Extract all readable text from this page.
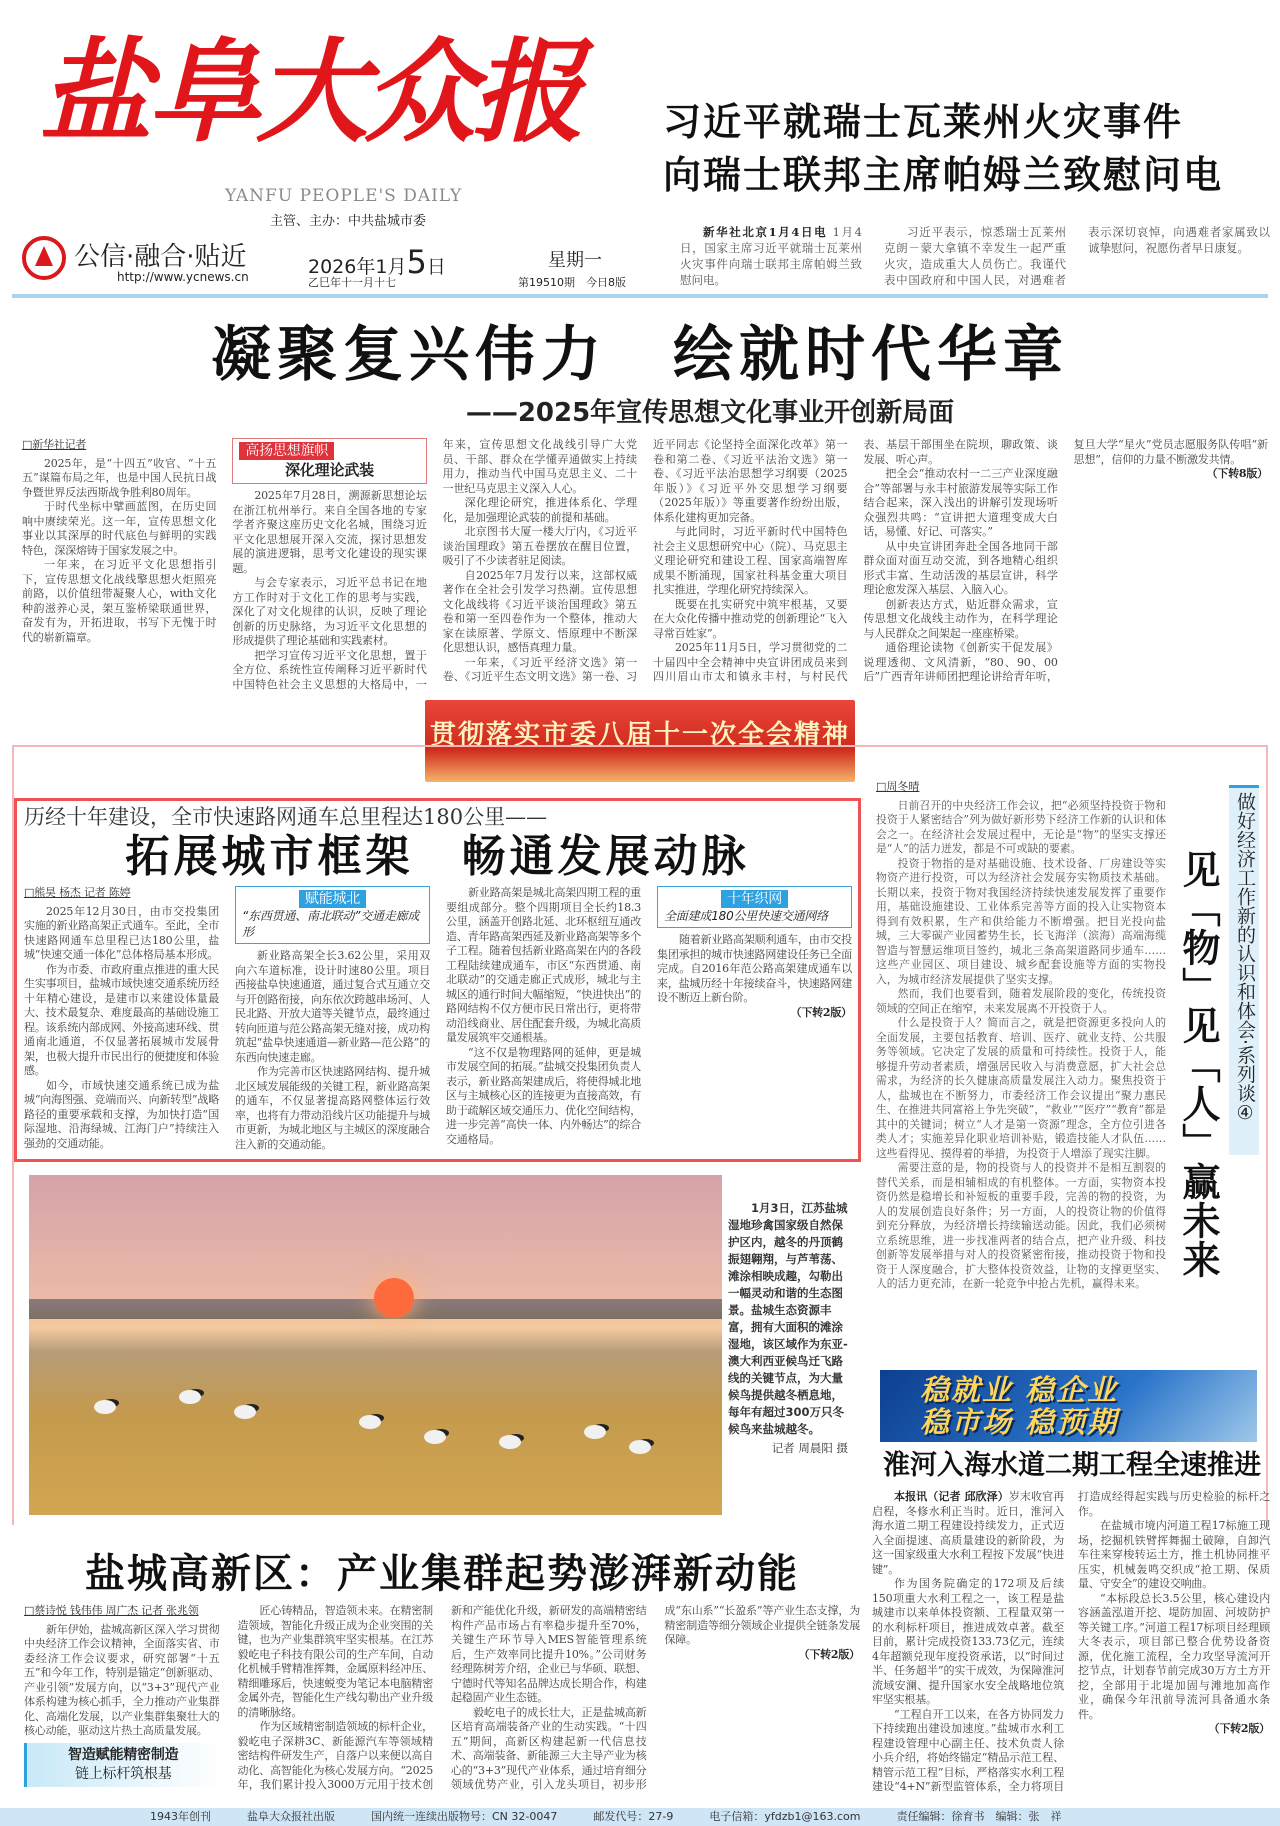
盐阜大众报
YANFU PEOPLE'S DAILY
主管、主办：中共盐城市委
公信·融合·贴近
http://www.ycnews.cn	2026年1月5日
乙巳年十一月十七
星期一
第19510期　今日8版
习近平就瑞士瓦莱州火灾事件
向瑞士联邦主席帕姆兰致慰问电

新华社北京1月4日电 1月4日，国家主席习近平就瑞士瓦莱州火灾事件向瑞士联邦主席帕姆兰致慰问电。

习近平表示，惊悉瑞士瓦莱州克朗－蒙大拿镇不幸发生一起严重火灾，造成重大人员伤亡。我谨代表中国政府和中国人民，对遇难者表示深切哀悼，向遇难者家属致以诚挚慰问，祝愿伤者早日康复。

凝聚复兴伟力　绘就时代华章
——2025年宣传思想文化事业开创新局面
□新华社记者

2025年，是“十四五”收官、“十五五”谋篇布局之年，也是中国人民抗日战争暨世界反法西斯战争胜利80周年。

于时代坐标中擘画蓝图，在历史回响中赓续荣光。这一年，宣传思想文化事业以其深厚的时代底色与鲜明的实践特色，深深熔铸于国家发展之中。

一年来，在习近平文化思想指引下，宣传思想文化战线擎思想火炬照亮前路，以价值纽带凝聚人心，with文化种韵滋养心灵，架互鉴桥梁联通世界，奋发有为，开拓进取，书写下无愧于时代的崭新篇章。

高扬思想旗帜
深化理论武装

2025年7月28日，溯源新思想论坛在浙江杭州举行。来自全国各地的专家学者齐聚这座历史文化名城，围绕习近平文化思想展开深入交流，探讨思想发展的演进逻辑，思考文化建设的现实课题。

与会专家表示，习近平总书记在地方工作时对于文化工作的思考与实践，深化了对文化规律的认识，反映了理论创新的历史脉络，为习近平文化思想的形成提供了理论基础和实践素材。

把学习宣传习近平文化思想，置于全方位、系统性宣传阐释习近平新时代中国特色社会主义思想的大格局中，一年来，宣传思想文化战线引导广大党员、干部、群众在学懂弄通做实上持续用力，推动当代中国马克思主义、二十一世纪马克思主义深入人心。

深化理论研究，推进体系化、学理化，是加强理论武装的前提和基础。

北京图书大厦一楼大厅内，《习近平谈治国理政》第五卷摆放在醒目位置，吸引了不少读者驻足阅读。

自2025年7月发行以来，这部权威著作在全社会引发学习热潮。宣传思想文化战线将《习近平谈治国理政》第五卷和第一至四卷作为一个整体，推动大家在读原著、学原文、悟原理中不断深化思想认识，感悟真理力量。

一年来，《习近平经济文选》第一卷、《习近平生态文明文选》第一卷、习近平同志《论坚持全面深化改革》第一卷和第二卷、《习近平法治文选》第一卷、《习近平法治思想学习纲要（2025年版）》《习近平外交思想学习纲要（2025年版）》等重要著作纷纷出版，体系化建构更加完备。

与此同时，习近平新时代中国特色社会主义思想研究中心（院）、马克思主义理论研究和建设工程、国家高端智库成果不断涌现，国家社科基金重大项目扎实推进，学理化研究持续深入。

既要在扎实研究中筑牢根基，又要在大众化传播中推动党的创新理论“飞入寻常百姓家”。

2025年11月5日，学习贯彻党的二十届四中全会精神中央宣讲团成员来到四川眉山市太和镇永丰村，与村民代表、基层干部围坐在院坝，聊政策、谈发展、听心声。

把全会“推动农村一二三产业深度融合”等部署与永丰村旅游发展等实际工作结合起来，深入浅出的讲解引发现场听众强烈共鸣：“宣讲把大道理变成大白话，易懂、好记、可落实。”

从中央宣讲团奔赴全国各地同干部群众面对面互动交流，到各地精心组织形式丰富、生动活泼的基层宣讲，科学理论愈发深入基层、入脑入心。

创新表达方式，贴近群众需求，宣传思想文化战线主动作为，在科学理论与人民群众之间架起一座座桥梁。

通俗理论读物《创新实干促发展》说理透彻、文风清新，“80、90、00后”广西青年讲师团把理论讲给青年听，复旦大学“星火”党员志愿服务队传唱“新思想”，信仰的力量不断激发共情。

（下转8版）

贯彻落实市委八届十一次全会精神
历经十年建设，全市快速路网通车总里程达180公里——
拓展城市框架　畅通发展动脉
□熊昊 杨杰 记者 陈婷

2025年12月30日，由市交投集团实施的新业路高架正式通车。至此，全市快速路网通车总里程已达180公里，盐城“快速交通一体化”总体格局基本形成。

作为市委、市政府重点推进的重大民生实事项目，盐城市域快速交通系统历经十年精心建设，是建市以来建设体量最大、技术最复杂、难度最高的基础设施工程。该系统内部成网、外接高速环线、贯通南北通道，不仅显著拓展城市发展骨架，也极大提升市民出行的便捷度和体验感。

如今，市域快速交通系统已成为盐城“向海图强、竞端而兴、向新转型”战略路径的重要承载和支撑，为加快打造“国际湿地、沿海绿城、江海门户”持续注入强劲的交通动能。

赋能城北
“东西贯通、南北联动”交通走廊成形

新业路高架全长3.62公里，采用双向六车道标准，设计时速80公里。项目西接盐阜快速通道，通过复合式互通立交与开创路衔接，向东依次跨越串场河、人民北路、开放大道等关键节点，最终通过转向匝道与范公路高架无缝对接，成功构筑起“盐阜快速通道—新业路—范公路”的东西向快速走廊。

作为完善市区快速路网结构、提升城北区域发展能级的关键工程，新业路高架的通车，不仅显著提高路网整体运行效率，也将有力带动沿线片区功能提升与城市更新，为城北地区与主城区的深度融合注入新的交通动能。

新业路高架是城北高架四期工程的重要组成部分。整个四期项目全长约18.3公里，涵盖开创路北延、北环枢纽互通改造、青年路高架西延及新业路高架等多个子工程。随着包括新业路高架在内的各段工程陆续建成通车，市区“东西贯通、南北联动”的交通走廊正式成形，城北与主城区的通行时间大幅缩短，“快进快出”的路网结构不仅方便市民日常出行，更将带动沿线商业、居住配套升级，为城北高质量发展筑牢交通根基。

“这不仅是物理路网的延伸，更是城市发展空间的拓展。”盐城交投集团负责人表示，新业路高架建成后，将使得城北地区与主城核心区的连接更为直接高效，有助于疏解区域交通压力、优化空间结构，进一步完善“高快一体、内外畅达”的综合交通格局。

十年织网
全面建成180公里快速交通网络

随着新业路高架顺利通车，由市交投集团承担的城市快速路网建设任务已全面完成。自2016年范公路高架建成通车以来，盐城历经十年接续奋斗，快速路网建设不断迈上新台阶。

（下转2版）	做好经济工作新的认识和体会·系列谈④
见「物」见「人」赢未来
□周冬晴

日前召开的中央经济工作会议，把“必须坚持投资于物和投资于人紧密结合”列为做好新形势下经济工作新的认识和体会之一。在经济社会发展过程中，无论是“物”的坚实支撑还是“人”的活力迸发，都是不可或缺的要素。

投资于物指的是对基础设施、技术设备、厂房建设等实物资产进行投资，可以为经济社会发展夯实物质技术基础。长期以来，投资于物对我国经济持续快速发展发挥了重要作用，基础设施建设、工业体系完善等方面的投入让实物资本得到有效积累，生产和供给能力不断增强。把目光投向盐城，三大零碳产业园蓄势生长，长飞海洋（滨海）高端海缆智造与智慧运维项目签约，城北三条高架道路同步通车……这些产业园区、项目建设、城乡配套设施等方面的实物投入，为城市经济发展提供了坚实支撑。

然而，我们也要看到，随着发展阶段的变化，传统投资领域的空间正在缩窄，未来发展离不开投资于人。

什么是投资于人？简而言之，就是把资源更多投向人的全面发展，主要包括教育、培训、医疗、就业支持、公共服务等领域。它决定了发展的质量和可持续性。投资于人，能够提升劳动者素质，增强居民收入与消费意愿，扩大社会总需求，为经济的长久健康高质量发展注入动力。聚焦投资于人，盐城也在不断努力，市委经济工作会议提出“聚力惠民生、在推进共同富裕上争先突破”，“救业”“医疗”“教育”都是其中的关键词；树立“人才是第一资源”理念，全方位引进各类人才；实施差异化职业培训补贴，锻造技能人才队伍……这些看得见、摸得着的举措，为投资于人增添了现实注脚。

需要注意的是，物的投资与人的投资并不是相互割裂的替代关系，而是相辅相成的有机整体。一方面，实物资本投资仍然是稳增长和补短板的重要手段，完善的物的投资，为人的发展创造良好条件；另一方面，人的投资让物的价值得到充分释放，为经济增长持续输送动能。因此，我们必须树立系统思维，进一步找准两者的结合点，把产业升级、科技创新等发展举措与对人的投资紧密衔接，推动投资于物和投资于人深度融合，扩大整体投资效益，让物的支撑更坚实、人的活力更充沛，在新一轮竞争中抢占先机，赢得未来。

1月3日，江苏盐城湿地珍禽国家级自然保护区内，越冬的丹顶鹤振翅翱翔，与芦苇荡、滩涂相映成趣，勾勒出一幅灵动和谐的生态图景。盐城生态资源丰富，拥有大面积的滩涂湿地，该区域作为东亚-澳大利西亚候鸟迁飞路线的关键节点，为大量候鸟提供越冬栖息地，每年有超过300万只冬候鸟来盐城越冬。

记者 周晨阳 摄
稳就业 稳企业
稳市场 稳预期
淮河入海水道二期工程全速推进

本报讯（记者 邱欣泽）岁末收官再启程，冬修水利正当时。近日，淮河入海水道二期工程建设持续发力，正式迈入全面提速、高质量建设的新阶段，为这一国家级重大水利工程按下发展“快进键”。

作为国务院确定的172项及后续150项重大水利工程之一，该工程是盐城建市以来单体投资额、工程量双第一的水利标杆项目，推进成效卓著。截至目前，累计完成投资133.73亿元，连续4年超额兑现年度投资承诺，以“时间过半、任务超半”的实干成效，为保障淮河流域安澜、提升国家水安全战略地位筑牢坚实根基。

“工程自开工以来，在各方协同发力下持续跑出建设加速度。”盐城市水利工程建设管理中心副主任、技术负责人徐小兵介绍，将始终锚定“精品示范工程、精管示范工程”目标，严格落实水利工程建设“4+N”新型监管体系，全力将项目打造成经得起实践与历史检验的标杆之作。

在盐城市境内河道工程17标施工现场，挖掘机铁臂挥舞掘土破障，自卸汽车往来穿梭转运土方，推土机协同推平压实，机械轰鸣交织成“抢工期、保质量、守安全”的建设交响曲。

“本标段总长3.5公里，核心建设内容涵盖泓道开挖、堤防加固、河坡防护等关键工序。”河道工程17标项目经理顾大冬表示，项目部已整合优势设备资源，优化施工流程，全力攻坚导流河开挖节点，计划春节前完成30万方土方开挖，全部用于北堤加固与滩地加高作业，确保今年汛前导流河具备通水条件。

（下转2版）

盐城高新区：产业集群起势澎湃新动能
□蔡诗悦 钱伟伟 周广杰 记者 张兆领

新年伊始，盐城高新区深入学习贯彻中央经济工作会议精神，全面落实省、市委经济工作会议要求，研究部署“十五五”和今年工作，特别是锚定“创新驱动、产业引领”发展方向，以“3+3”现代产业体系构建为核心抓手，全力推动产业集群化、高端化发展，以产业集群集聚壮大的核心动能，驱动这片热土高质量发展。

智造赋能精密制造
链上标杆筑根基

匠心铸精品，智造领未来。在精密制造领域，智能化升级正成为企业突围的关键，也为产业集群筑牢坚实根基。在江苏毅屹电子科技有限公司的生产车间，自动化机械手臂精准挥舞，金属原料经冲压、精细雕琢后，快速蜕变为笔记本电脑精密金属外壳，智能化生产线勾勒出产业升级的清晰脉络。

作为区域精密制造领域的标杆企业，毅屹电子深耕3C、新能源汽车等领域精密结构件研发生产，自落户以来便以高自动化、高智能化为核心发展方向。“2025年，我们累计投入3000万元用于技术创新和产能优化升级，新研发的高端精密结构件产品市场占有率稳步提升至70%，关键生产环节导入MES智能管理系统后，生产效率同比提升10%。”公司财务经理陈树芳介绍，企业已与华硕、联想、宁德时代等知名品牌达成长期合作，构建起稳固产业生态链。

毅屹电子的成长壮大，正是盐城高新区培育高端装备产业的生动实践。“十四五”期间，高新区构建起新一代信息技术、高端装备、新能源三大主导产业为核心的“3+3”现代产业体系，通过培育细分领域优势产业，引入龙头项目，初步形成“东山系”“长盈系”等产业生态支撑，为精密制造等细分领域企业提供全链条发展保障。

（下转2版）

1943年创刊	盐阜大众报社出版	国内统一连续出版物号：CN 32-0047	邮发代号：27-9	电子信箱：yfdzb1@163.com	责任编辑：徐育书　编辑：张　祥
